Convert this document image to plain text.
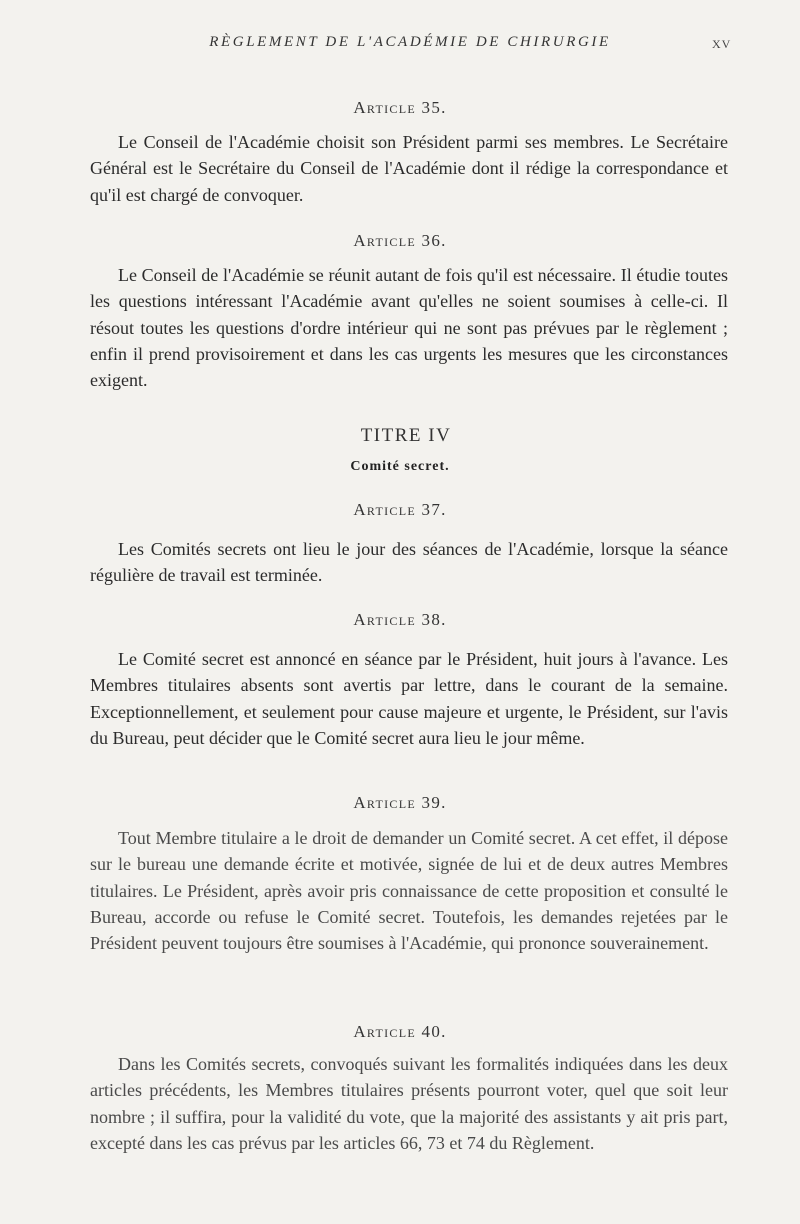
RÈGLEMENT DE L'ACADÉMIE DE CHIRURGIE	XV
Article 35.

Le Conseil de l'Académie choisit son Président parmi ses membres. Le Secrétaire Général est le Secrétaire du Conseil de l'Académie dont il rédige la correspondance et qu'il est chargé de convoquer.

Article 36.

Le Conseil de l'Académie se réunit autant de fois qu'il est nécessaire. Il étudie toutes les questions intéressant l'Académie avant qu'elles ne soient soumises à celle-ci. Il résout toutes les questions d'ordre intérieur qui ne sont pas prévues par le règlement ; enfin il prend provisoirement et dans les cas urgents les mesures que les circonstances exigent.

TITRE IV
Comité secret.
Article 37.

Les Comités secrets ont lieu le jour des séances de l'Académie, lorsque la séance régulière de travail est terminée.

Article 38.

Le Comité secret est annoncé en séance par le Président, huit jours à l'avance. Les Membres titulaires absents sont avertis par lettre, dans le courant de la semaine. Exceptionnellement, et seulement pour cause majeure et urgente, le Président, sur l'avis du Bureau, peut décider que le Comité secret aura lieu le jour même.

Article 39.

Tout Membre titulaire a le droit de demander un Comité secret. A cet effet, il dépose sur le bureau une demande écrite et motivée, signée de lui et de deux autres Membres titulaires. Le Président, après avoir pris connaissance de cette proposition et consulté le Bureau, accorde ou refuse le Comité secret. Toutefois, les demandes rejetées par le Président peuvent toujours être soumises à l'Académie, qui prononce souverainement.

Article 40.

Dans les Comités secrets, convoqués suivant les formalités indiquées dans les deux articles précédents, les Membres titulaires présents pourront voter, quel que soit leur nombre ; il suffira, pour la validité du vote, que la majorité des assistants y ait pris part, excepté dans les cas prévus par les articles 66, 73 et 74 du Règlement.
